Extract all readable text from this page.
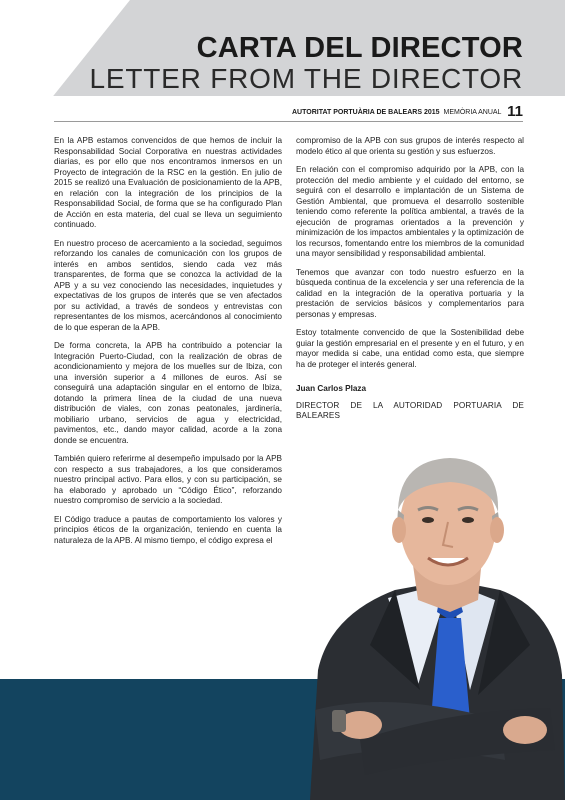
CARTA DEL DIRECTOR
LETTER FROM THE DIRECTOR
AUTORITAT PORTUÀRIA DE BALEARS 2015 MEMÒRIA ANUAL 11

En la APB estamos convencidos de que hemos de incluir la Responsabilidad Social Corporativa en nuestras actividades diarias, es por ello que nos encontramos inmersos en un Proyecto de integración de la RSC en la gestión. En julio de 2015 se realizó una Evaluación de posicionamiento de la APB, en relación con la integración de los principios de la Responsabilidad Social, de forma que se ha configurado Plan de Acción en esta materia, del cual se lleva un seguimiento continuado.

En nuestro proceso de acercamiento a la sociedad, seguimos reforzando los canales de comunicación con los grupos de interés en ambos sentidos, siendo cada vez más transparentes, de forma que se conozca la actividad de la APB y a su vez conociendo las necesidades, inquietudes y expectativas de los grupos de interés que se ven afectados por su actividad, a través de sondeos y entrevistas con representantes de los mismos, acercándonos al conocimiento de lo que esperan de la APB.

De forma concreta, la APB ha contribuido a potenciar la Integración Puerto-Ciudad, con la realización de obras de acondicionamiento y mejora de los muelles sur de Ibiza, con una inversión superior a 4 millones de euros. Así se conseguirá una adaptación singular en el entorno de Ibiza, dotando la primera línea de la ciudad de una nueva distribución de viales, con zonas peatonales, jardinería, mobiliario urbano, servicios de agua y electricidad, pavimentos, etc., dando mayor calidad, acorde a la zona donde se encuentra.

También quiero referirme al desempeño impulsado por la APB con respecto a sus trabajadores, a los que consideramos nuestro principal activo. Para ellos, y con su participación, se ha elaborado y aprobado un “Código Ético”, reforzando nuestro compromiso de servicio a la sociedad.

El Código traduce a pautas de comportamiento los valores y principios éticos de la organización, teniendo en cuenta la naturaleza de la APB. Al mismo tiempo, el código expresa el

compromiso de la APB con sus grupos de interés respecto al modelo ético al que orienta su gestión y sus esfuerzos.

En relación con el compromiso adquirido por la APB, con la protección del medio ambiente y el cuidado del entorno, se seguirá con el desarrollo e implantación de un Sistema de Gestión Ambiental, que promueva el desarrollo sostenible teniendo como referente la política ambiental, a través de la ejecución de programas orientados a la prevención y minimización de los impactos ambientales y la optimización de los recursos, fomentando entre los miembros de la comunidad una mayor sensibilidad y responsabilidad ambiental.

Tenemos que avanzar con todo nuestro esfuerzo en la búsqueda continua de la excelencia y ser una referencia de la calidad en la integración de la operativa portuaria y la prestación de servicios básicos y complementarios para personas y empresas.

Estoy totalmente convencido de que la Sostenibilidad debe guiar la gestión empresarial en el presente y en el futuro, y en mayor medida si cabe, una entidad como esta, que siempre ha de proteger el interés general.

Juan Carlos Plaza

DIRECTOR DE LA AUTORIDAD PORTUARIA DE BALEARES
